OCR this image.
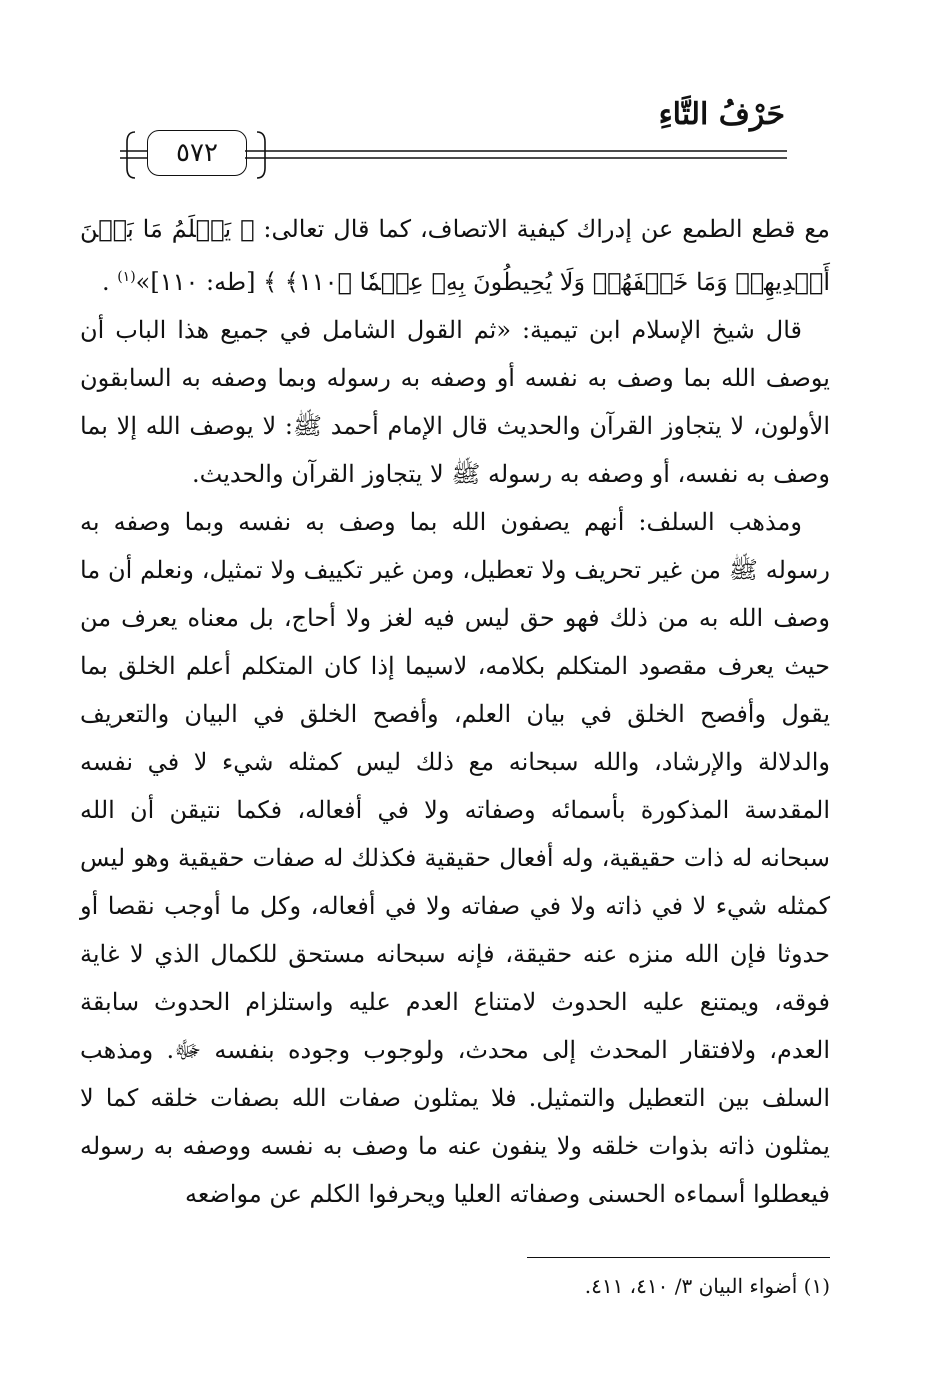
حَرْفُ التَّاءِ
٥٧٢

مع قطع الطمع عن إدراك كيفية الاتصاف، كما قال تعالى: ﴿ يَعۡلَمُ مَا بَيۡنَ أَيۡدِيهِمۡ وَمَا خَلۡفَهُمۡ وَلَا يُحِيطُونَ بِهِۦ عِلۡمٗا ﴿١١٠﴾ ﴾ [طه: ١١٠]»$^{(١)}$ .

قال شيخ الإسلام ابن تيمية: «ثم القول الشامل في جميع هذا الباب أن يوصف الله بما وصف به نفسه أو وصفه به رسوله وبما وصفه به السابقون الأولون، لا يتجاوز القرآن والحديث قال الإمام أحمد ﷺ: لا يوصف الله إلا بما وصف به نفسه، أو وصفه به رسوله ﷺ لا يتجاوز القرآن والحديث.

ومذهب السلف: أنهم يصفون الله بما وصف به نفسه وبما وصفه به رسوله ﷺ من غير تحريف ولا تعطيل، ومن غير تكييف ولا تمثيل، ونعلم أن ما وصف الله به من ذلك فهو حق ليس فيه لغز ولا أحاج، بل معناه يعرف من حيث يعرف مقصود المتكلم بكلامه، لاسيما إذا كان المتكلم أعلم الخلق بما يقول وأفصح الخلق في بيان العلم، وأفصح الخلق في البيان والتعريف والدلالة والإرشاد، والله سبحانه مع ذلك ليس كمثله شيء لا في نفسه المقدسة المذكورة بأسمائه وصفاته ولا في أفعاله، فكما نتيقن أن الله سبحانه له ذات حقيقية، وله أفعال حقيقية فكذلك له صفات حقيقية وهو ليس كمثله شيء لا في ذاته ولا في صفاته ولا في أفعاله، وكل ما أوجب نقصا أو حدوثا فإن الله منزه عنه حقيقة، فإنه سبحانه مستحق للكمال الذي لا غاية فوقه، ويمتنع عليه الحدوث لامتناع العدم عليه واستلزام الحدوث سابقة العدم، ولافتقار المحدث إلى محدث، ولوجوب وجوده بنفسه ﷻ. ومذهب السلف بين التعطيل والتمثيل. فلا يمثلون صفات الله بصفات خلقه كما لا يمثلون ذاته بذوات خلقه ولا ينفون عنه ما وصف به نفسه ووصفه به رسوله فيعطلوا أسماءه الحسنى وصفاته العليا ويحرفوا الكلم عن مواضعه

(١) أضواء البيان ٣/ ٤١٠، ٤١١.
